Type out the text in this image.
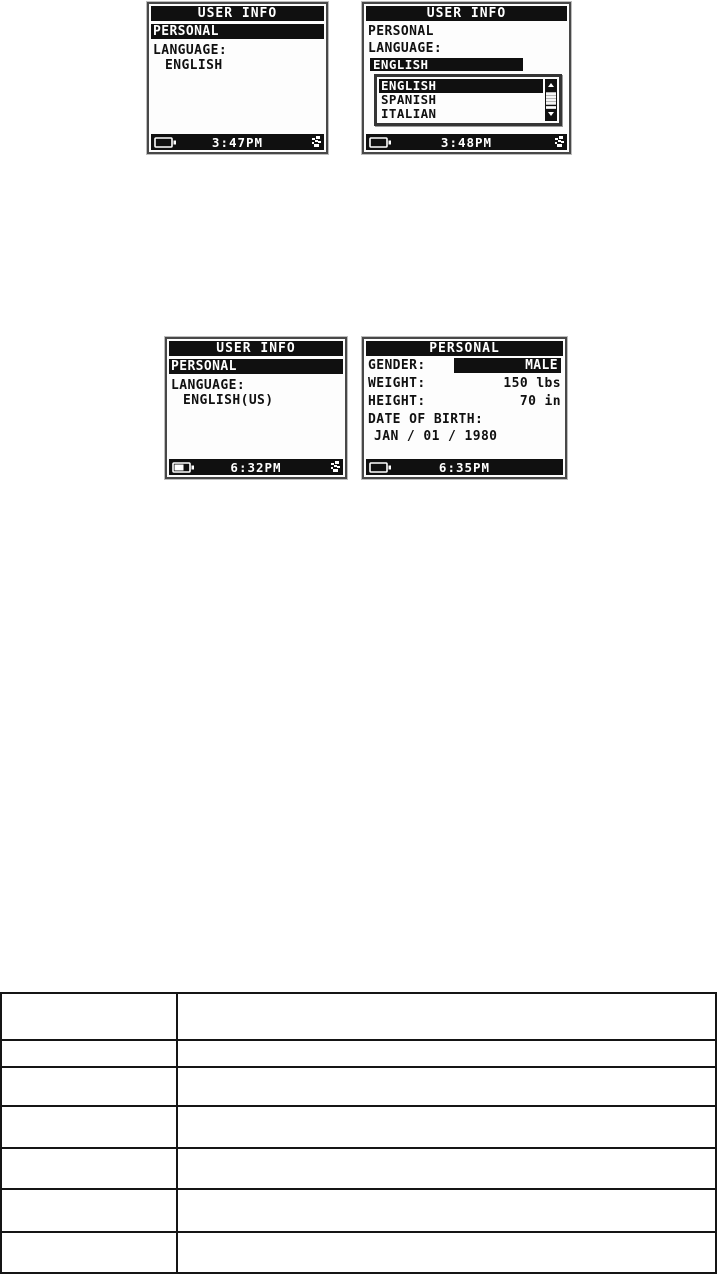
USER INFO
PERSONAL
LANGUAGE:
ENGLISH
3:47PM
USER INFO
PERSONAL
LANGUAGE:
ENGLISH
ENGLISH
SPANISH
ITALIAN
3:48PM
USER INFO
PERSONAL
LANGUAGE:
ENGLISH(US)
6:32PM
PERSONAL
GENDER:	MALE
WEIGHT:	150 lbs
HEIGHT:	70 in
DATE OF BIRTH:
JAN / 01 / 1980
6:35PM
